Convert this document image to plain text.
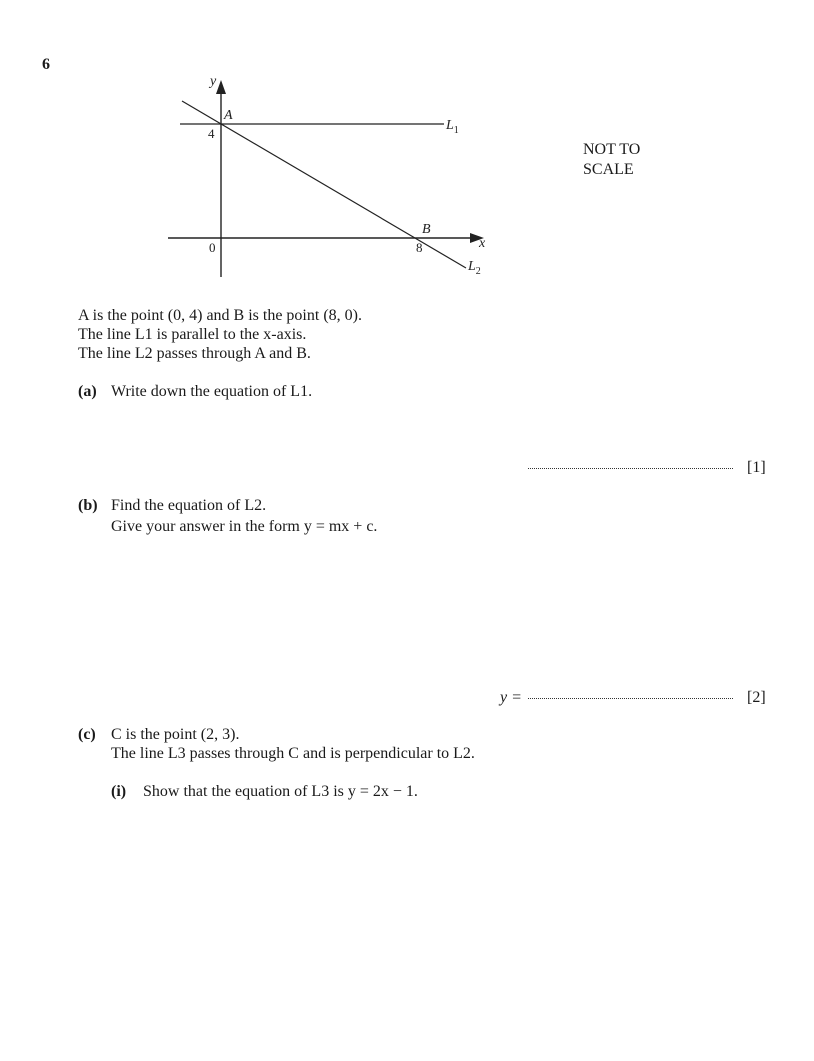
6
y
x
A
B
4
8
0
$L_1$
$L_2$
NOT TO
SCALE
A is the point (0, 4) and B is the point (8, 0).
The line L1 is parallel to the x-axis.
The line L2 passes through A and B.
(a) Write down the equation of L1.
[1]
(b) Find the equation of L2.
Give your answer in the form y = mx + c.
y =	[2]
(c) C is the point (2, 3).
The line L3 passes through C and is perpendicular to L2.
(i) Show that the equation of L3 is y = 2x − 1.
